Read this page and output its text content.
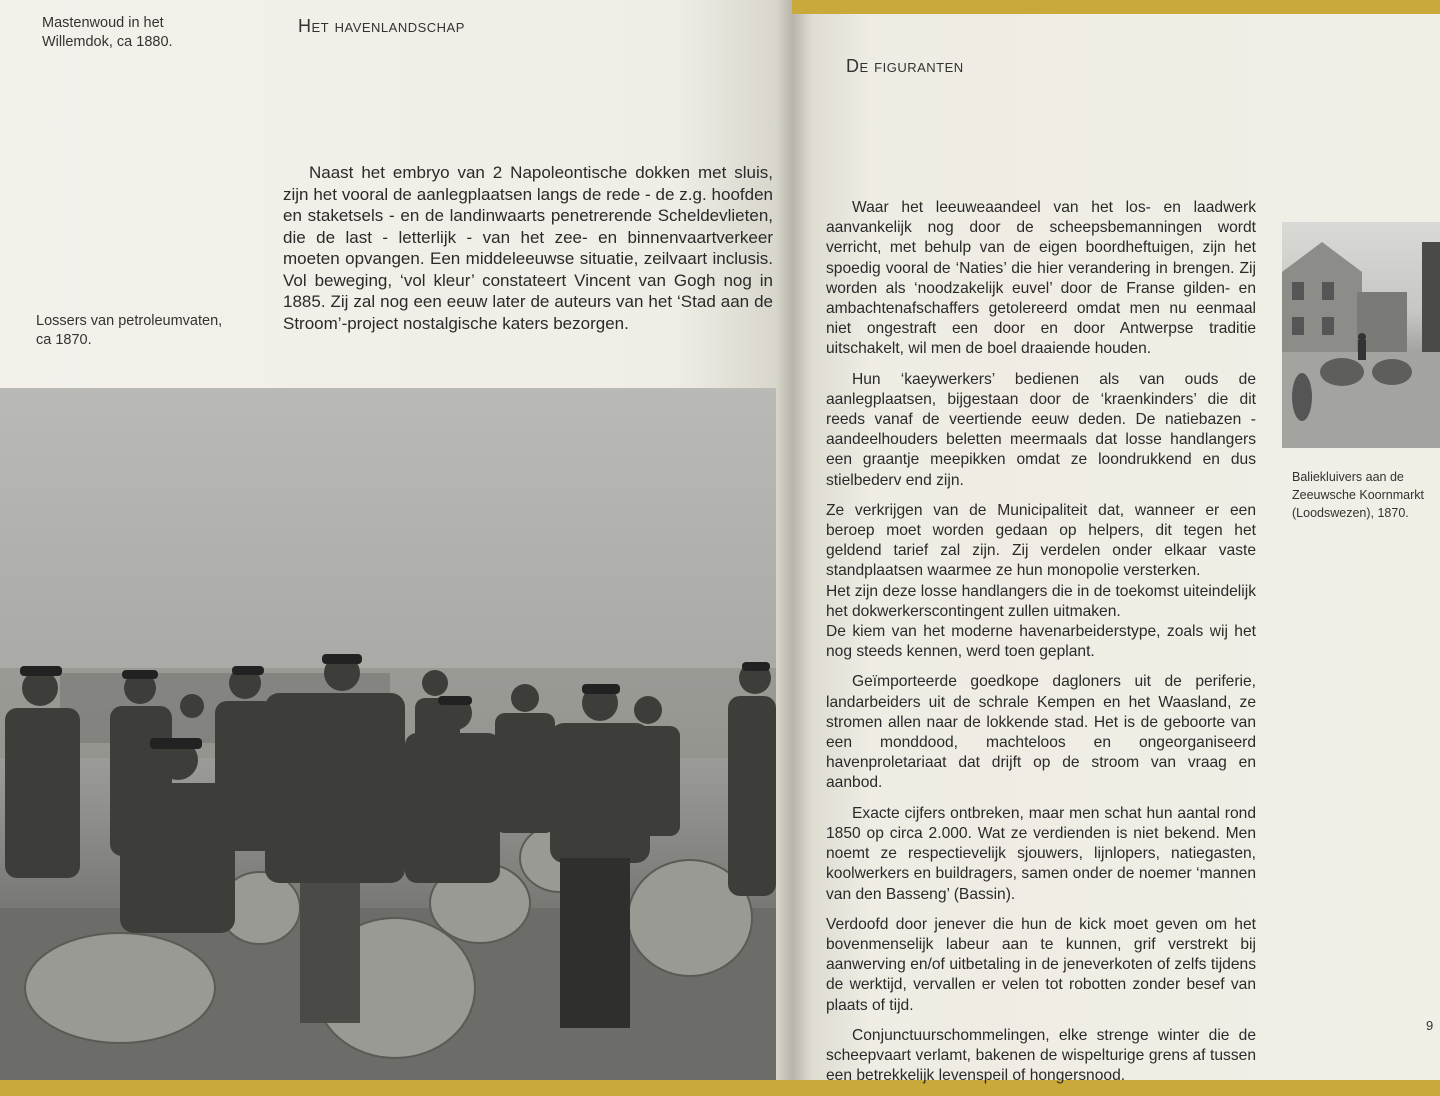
Mastenwoud in het
Willemdok, ca 1880.
Het havenlandschap
Lossers van petroleumvaten,
ca 1870.

Naast het embryo van 2 Napoleontische dokken met sluis, zijn het vooral de aanlegplaatsen langs de rede - de z.g. hoofden en staketsels - en de landinwaarts penetrerende Scheldevlieten, die de last - letterlijk - van het zee- en binnenvaartverkeer moeten opvangen. Een middeleeuwse situatie, zeilvaart inclusis. Vol beweging, ‘vol kleur’ constateert Vincent van Gogh nog in 1885. Zij zal nog een eeuw later de auteurs van het ‘Stad aan de Stroom’-project nostalgische katers bezorgen.

De figuranten
Baliekluivers aan de
Zeeuwsche Koornmarkt
(Loodswezen), 1870.

Waar het leeuweaandeel van het los- en laadwerk aanvankelijk nog door de scheepsbemanningen wordt verricht, met behulp van de eigen boordheftuigen, zijn het spoedig vooral de ‘Naties’ die hier verandering in brengen. Zij worden als ‘noodzakelijk euvel’ door de Franse gilden- en ambachtenafschaffers getolereerd omdat men nu eenmaal niet ongestraft een door en door Antwerpse traditie uitschakelt, wil men de boel draaiende houden.

Hun ‘kaeywerkers’ bedienen als van ouds de aanlegplaatsen, bijgestaan door de ‘kraenkinders’ die dit reeds vanaf de veertiende eeuw deden. De natiebazen - aandeelhouders beletten meermaals dat losse handlangers een graantje meepikken omdat ze loondrukkend en dus stielbederv end zijn.

Ze verkrijgen van de Municipaliteit dat, wanneer er een beroep moet worden gedaan op helpers, dit tegen het geldend tarief zal zijn. Zij verdelen onder elkaar vaste standplaatsen waarmee ze hun monopolie versterken.

Het zijn deze losse handlangers die in de toekomst uiteindelijk het dokwerkerscontingent zullen uitmaken.

De kiem van het moderne havenarbeiderstype, zoals wij het nog steeds kennen, werd toen geplant.

Geïmporteerde goedkope dagloners uit de periferie, landarbeiders uit de schrale Kempen en het Waasland, ze stromen allen naar de lokkende stad. Het is de geboorte van een monddood, machteloos en ongeorganiseerd havenproletariaat dat drijft op de stroom van vraag en aanbod.

Exacte cijfers ontbreken, maar men schat hun aantal rond 1850 op circa 2.000. Wat ze verdienden is niet bekend. Men noemt ze respectievelijk sjouwers, lijnlopers, natiegasten, koolwerkers en buildragers, samen onder de noemer ‘mannen van den Basseng’ (Bassin).

Verdoofd door jenever die hun de kick moet geven om het bovenmenselijk labeur aan te kunnen, grif verstrekt bij aanwerving en/of uitbetaling in de jeneverkoten of zelfs tijdens de werktijd, vervallen er velen tot robotten zonder besef van plaats of tijd.

Conjunctuurschommelingen, elke strenge winter die de scheepvaart verlamt, bakenen de wispelturige grens af tussen een betrekkelijk levenspeil of hongersnood.

9
